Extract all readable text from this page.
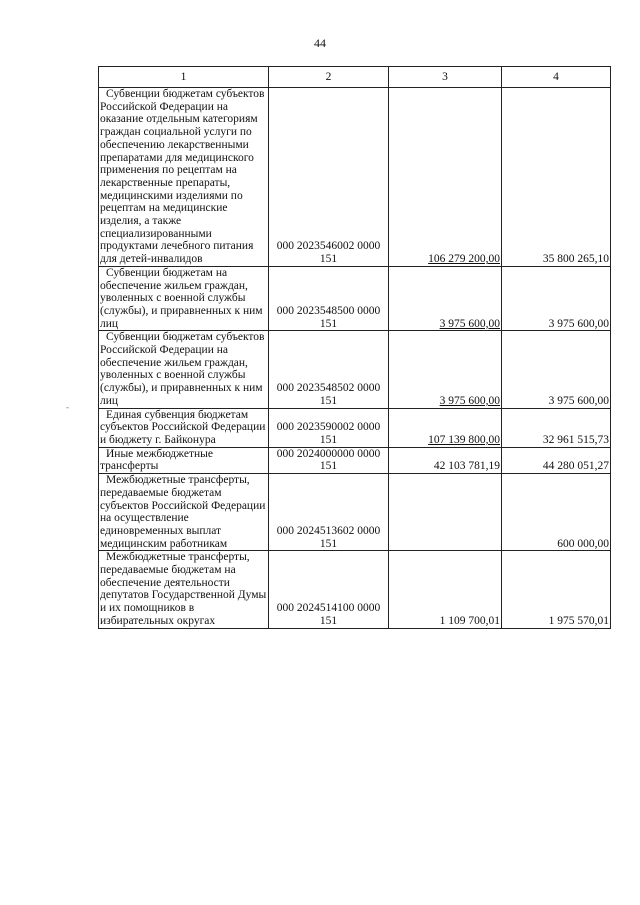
44
-
1	2	3	4
Субвенции бюджетам субъектов Российской Федерации на оказание отдельным категориям граждан социальной услуги по обеспечению лекарственными препаратами для медицинского применения по рецептам на лекарственные препараты, медицинскими изделиями по рецептам на медицинские изделия, а также специализированными продуктами лечебного питания для детей-инвалидов	000 2023546002 0000 151	106 279 200,00	35 800 265,10
Субвенции бюджетам на обеспечение жильем граждан, уволенных с военной службы (службы), и приравненных к ним лиц	000 2023548500 0000 151	3 975 600,00	3 975 600,00
Субвенции бюджетам субъектов Российской Федерации на обеспечение жильем граждан, уволенных с военной службы (службы), и приравненных к ним лиц	000 2023548502 0000 151	3 975 600,00	3 975 600,00
Единая субвенция бюджетам субъектов Российской Федерации и бюджету г. Байконура	000 2023590002 0000 151	107 139 800,00	32 961 515,73
Иные межбюджетные трансферты	000 2024000000 0000 151	42 103 781,19	44 280 051,27
Межбюджетные трансферты, передаваемые бюджетам субъектов Российской Федерации на осуществление единовременных выплат медицинским работникам	000 2024513602 0000 151		600 000,00
Межбюджетные трансферты, передаваемые бюджетам на обеспечение деятельности депутатов Государственной Думы и их помощников в избирательных округах	000 2024514100 0000 151	1 109 700,01	1 975 570,01
